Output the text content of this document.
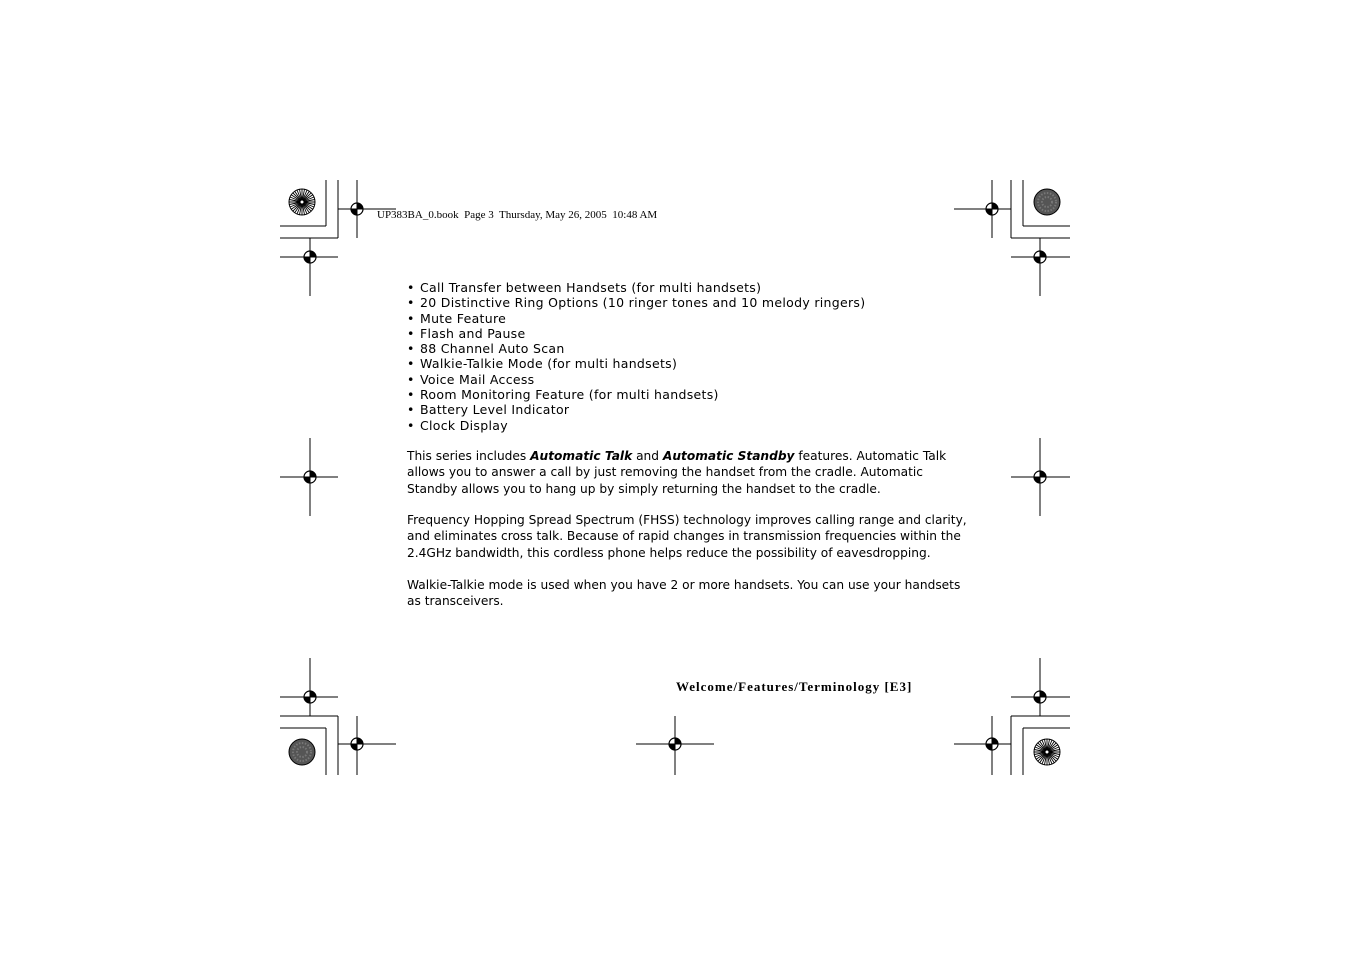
UP383BA_0.book  Page 3  Thursday, May 26, 2005  10:48 AM
• Call Transfer between Handsets (for multi handsets)
• 20 Distinctive Ring Options (10 ringer tones and 10 melody ringers)
• Mute Feature
• Flash and Pause
• 88 Channel Auto Scan
• Walkie-Talkie Mode (for multi handsets)
• Voice Mail Access
• Room Monitoring Feature (for multi handsets)
• Battery Level Indicator
• Clock Display

This series includes Automatic Talk and Automatic Standby features. Automatic Talk
allows you to answer a call by just removing the handset from the cradle. Automatic
Standby allows you to hang up by simply returning the handset to the cradle.

Frequency Hopping Spread Spectrum (FHSS) technology improves calling range and clarity,
and eliminates cross talk. Because of rapid changes in transmission frequencies within the
2.4GHz bandwidth, this cordless phone helps reduce the possibility of eavesdropping.

Walkie-Talkie mode is used when you have 2 or more handsets. You can use your handsets
as transceivers.

Welcome/Features/Terminology [E3]
